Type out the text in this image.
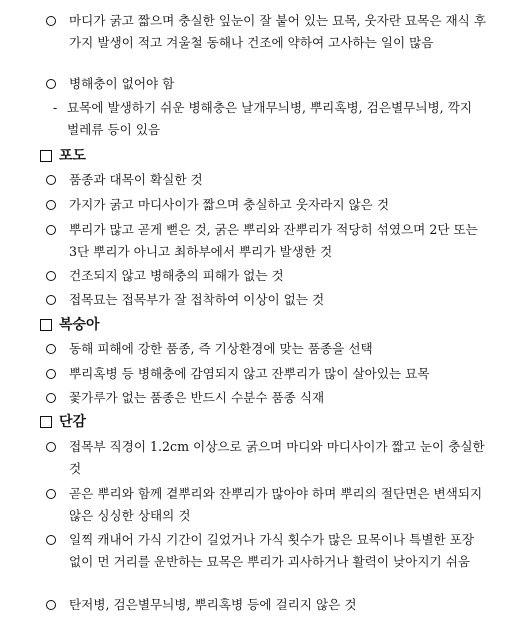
마디가 굵고 짧으며 충실한 잎눈이 잘 붙어 있는 묘목, 웃자란 묘목은 재식 후 가지 발생이 적고 겨울철 동해나 건조에 약하여 고사하는 일이 많음
병해충이 없어야 함
- 묘목에 발생하기 쉬운 병해충은 날개무늬병, 뿌리혹병, 검은별무늬병, 깍지벌레류 등이 있음
포도
품종과 대목이 확실한 것
가지가 굵고 마디사이가 짧으며 충실하고 웃자라지 않은 것
뿌리가 많고 곧게 뻗은 것, 굵은 뿌리와 잔뿌리가 적당히 섞였으며 2단 또는 3단 뿌리가 아니고 최하부에서 뿌리가 발생한 것
건조되지 않고 병해충의 피해가 없는 것
접목묘는 접목부가 잘 접착하여 이상이 없는 것
복숭아
동해 피해에 강한 품종, 즉 기상환경에 맞는 품종을 선택
뿌리혹병 등 병해충에 감염되지 않고 잔뿌리가 많이 살아있는 묘목
꽃가루가 없는 품종은 반드시 수분수 품종 식재
단감
접목부 직경이 1.2cm 이상으로 굵으며 마디와 마디사이가 짧고 눈이 충실한 것
곧은 뿌리와 함께 곁뿌리와 잔뿌리가 많아야 하며 뿌리의 절단면은 변색되지 않은 싱싱한 상태의 것
일찍 캐내어 가식 기간이 길었거나 가식 횟수가 많은 묘목이나 특별한 포장 없이 먼 거리를 운반하는 묘목은 뿌리가 괴사하거나 활력이 낮아지기 쉬움
탄저병, 검은별무늬병, 뿌리혹병 등에 걸리지 않은 것
